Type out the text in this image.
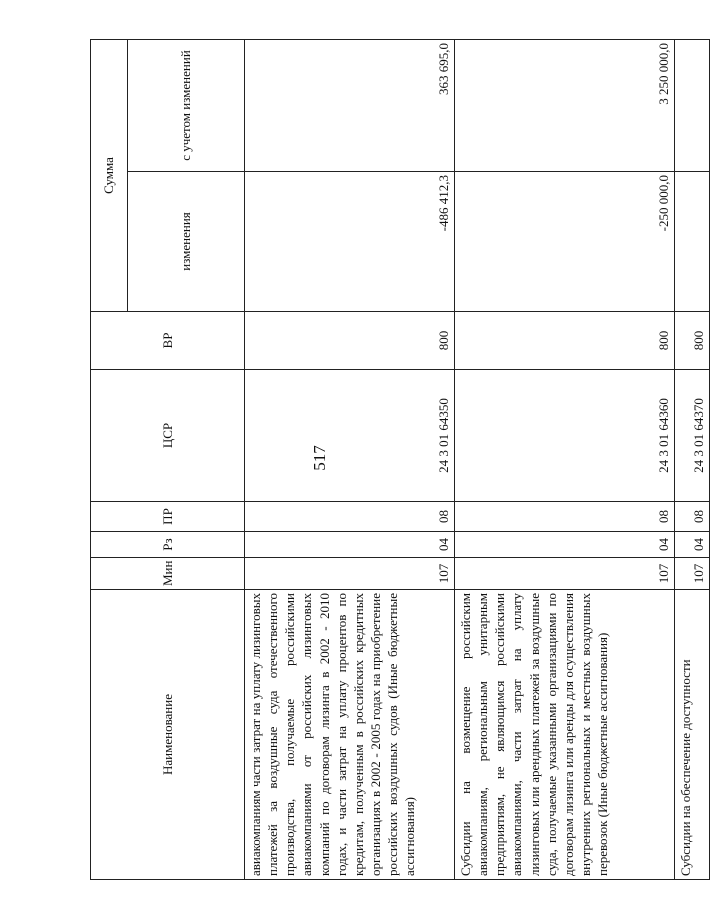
517
Наименование	Мин	Рз	ПР	ЦСР	ВР	Сумма	
						изменения	с учетом изменений
авиакомпаниям части затрат на уплату лизинговых платежей за воздушные суда отечественного производства, получаемые российскими авиакомпаниями от российских лизинговых компаний по договорам лизинга в 2002 - 2010 годах, и части затрат на уплату процентов по кредитам, полученным в российских кредитных организациях в 2002 - 2005 годах на приобретение российских воздушных судов (Иные бюджетные ассигнования)	107	04	08	24 3 01 64350	800	-486 412,3	363 695,0
Субсидии на возмещение российским авиакомпаниям, региональным унитарным предприятиям, не являющимся российскими авиакомпаниями, части затрат на уплату лизинговых или арендных платежей за воздушные суда, получаемые указанными организациями по договорам лизинга или аренды для осуществления внутренних региональных и местных воздушных перевозок (Иные бюджетные ассигнования)	107	04	08	24 3 01 64360	800	-250 000,0	3 250 000,0
Субсидии на обеспечение доступности	107	04	08	24 3 01 64370	800		
